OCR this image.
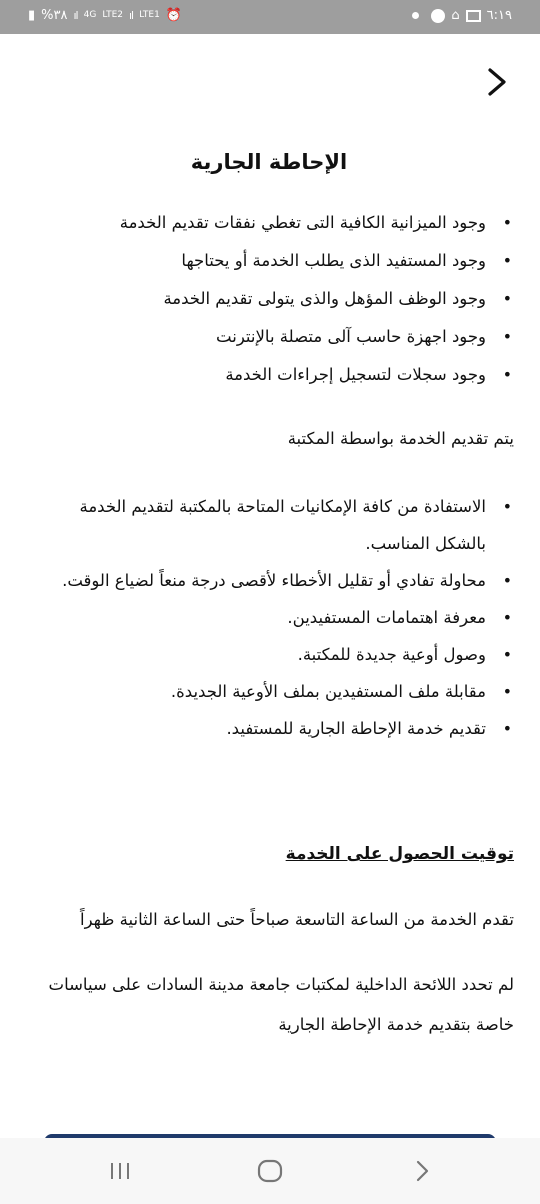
▮ %٣٨ ıl 4G LTE2 ıl LTE1 ⏰	⌂ ٦:١٩
الإحاطة الجارية
• وجود الميزانية الكافية التى تغطي نفقات تقديم الخدمة
• وجود المستفيد الذى يطلب الخدمة أو يحتاجها
• وجود الوظف المؤهل والذى يتولى تقديم الخدمة
• وجود اجهزة حاسب آلى متصلة بالإنترنت
• وجود سجلات لتسجيل إجراءات الخدمة

يتم تقديم الخدمة بواسطة المكتبة

• الاستفادة من كافة الإمكانيات المتاحة بالمكتبة لتقديم الخدمة بالشكل المناسب.
• محاولة تفادي أو تقليل الأخطاء لأقصى درجة منعاً لضياع الوقت.
• معرفة اهتمامات المستفيدين.
• وصول أوعية جديدة للمكتبة.
• مقابلة ملف المستفيدين بملف الأوعية الجديدة.
• تقديم خدمة الإحاطة الجارية للمستفيد.

توقيت الحصول على الخدمة

تقدم الخدمة من الساعة التاسعة صباحاً حتى الساعة الثانية ظهراً

لم تحدد اللائحة الداخلية لمكتبات جامعة مدينة السادات على سياسات خاصة بتقديم خدمة الإحاطة الجارية
